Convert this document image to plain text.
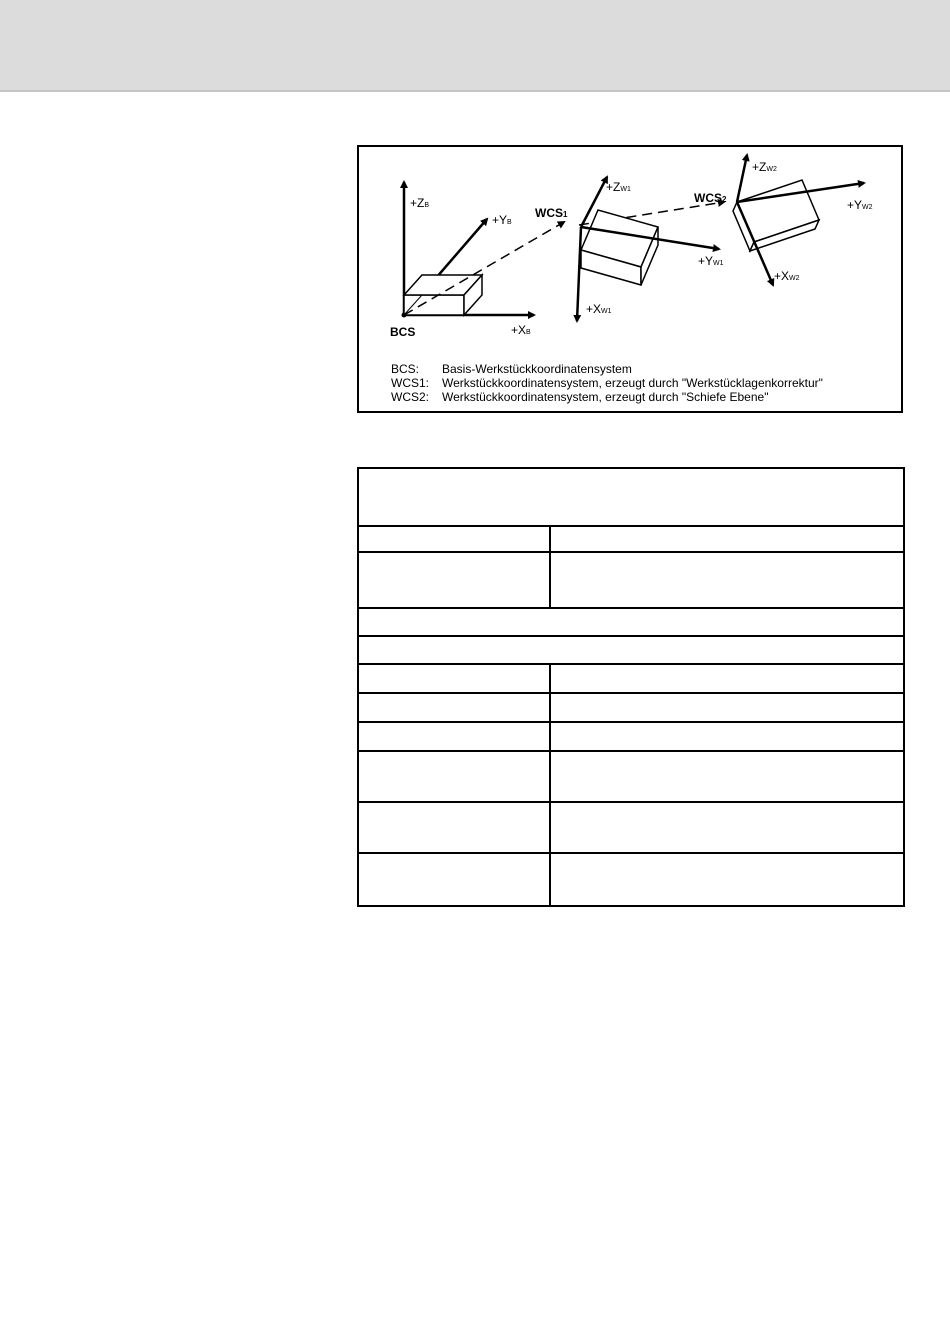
+ZB
+YB
+XB
BCS
WCS1
+ZW1
+YW1
+XW1
WCS2
+ZW2
+YW2
+XW2
BCS:	Basis-Werkstückkoordinatensystem
WCS1:	Werkstückkoordinatensystem, erzeugt durch "Werkstücklagenkorrektur"
WCS2:	Werkstückkoordinatensystem, erzeugt durch "Schiefe Ebene"
